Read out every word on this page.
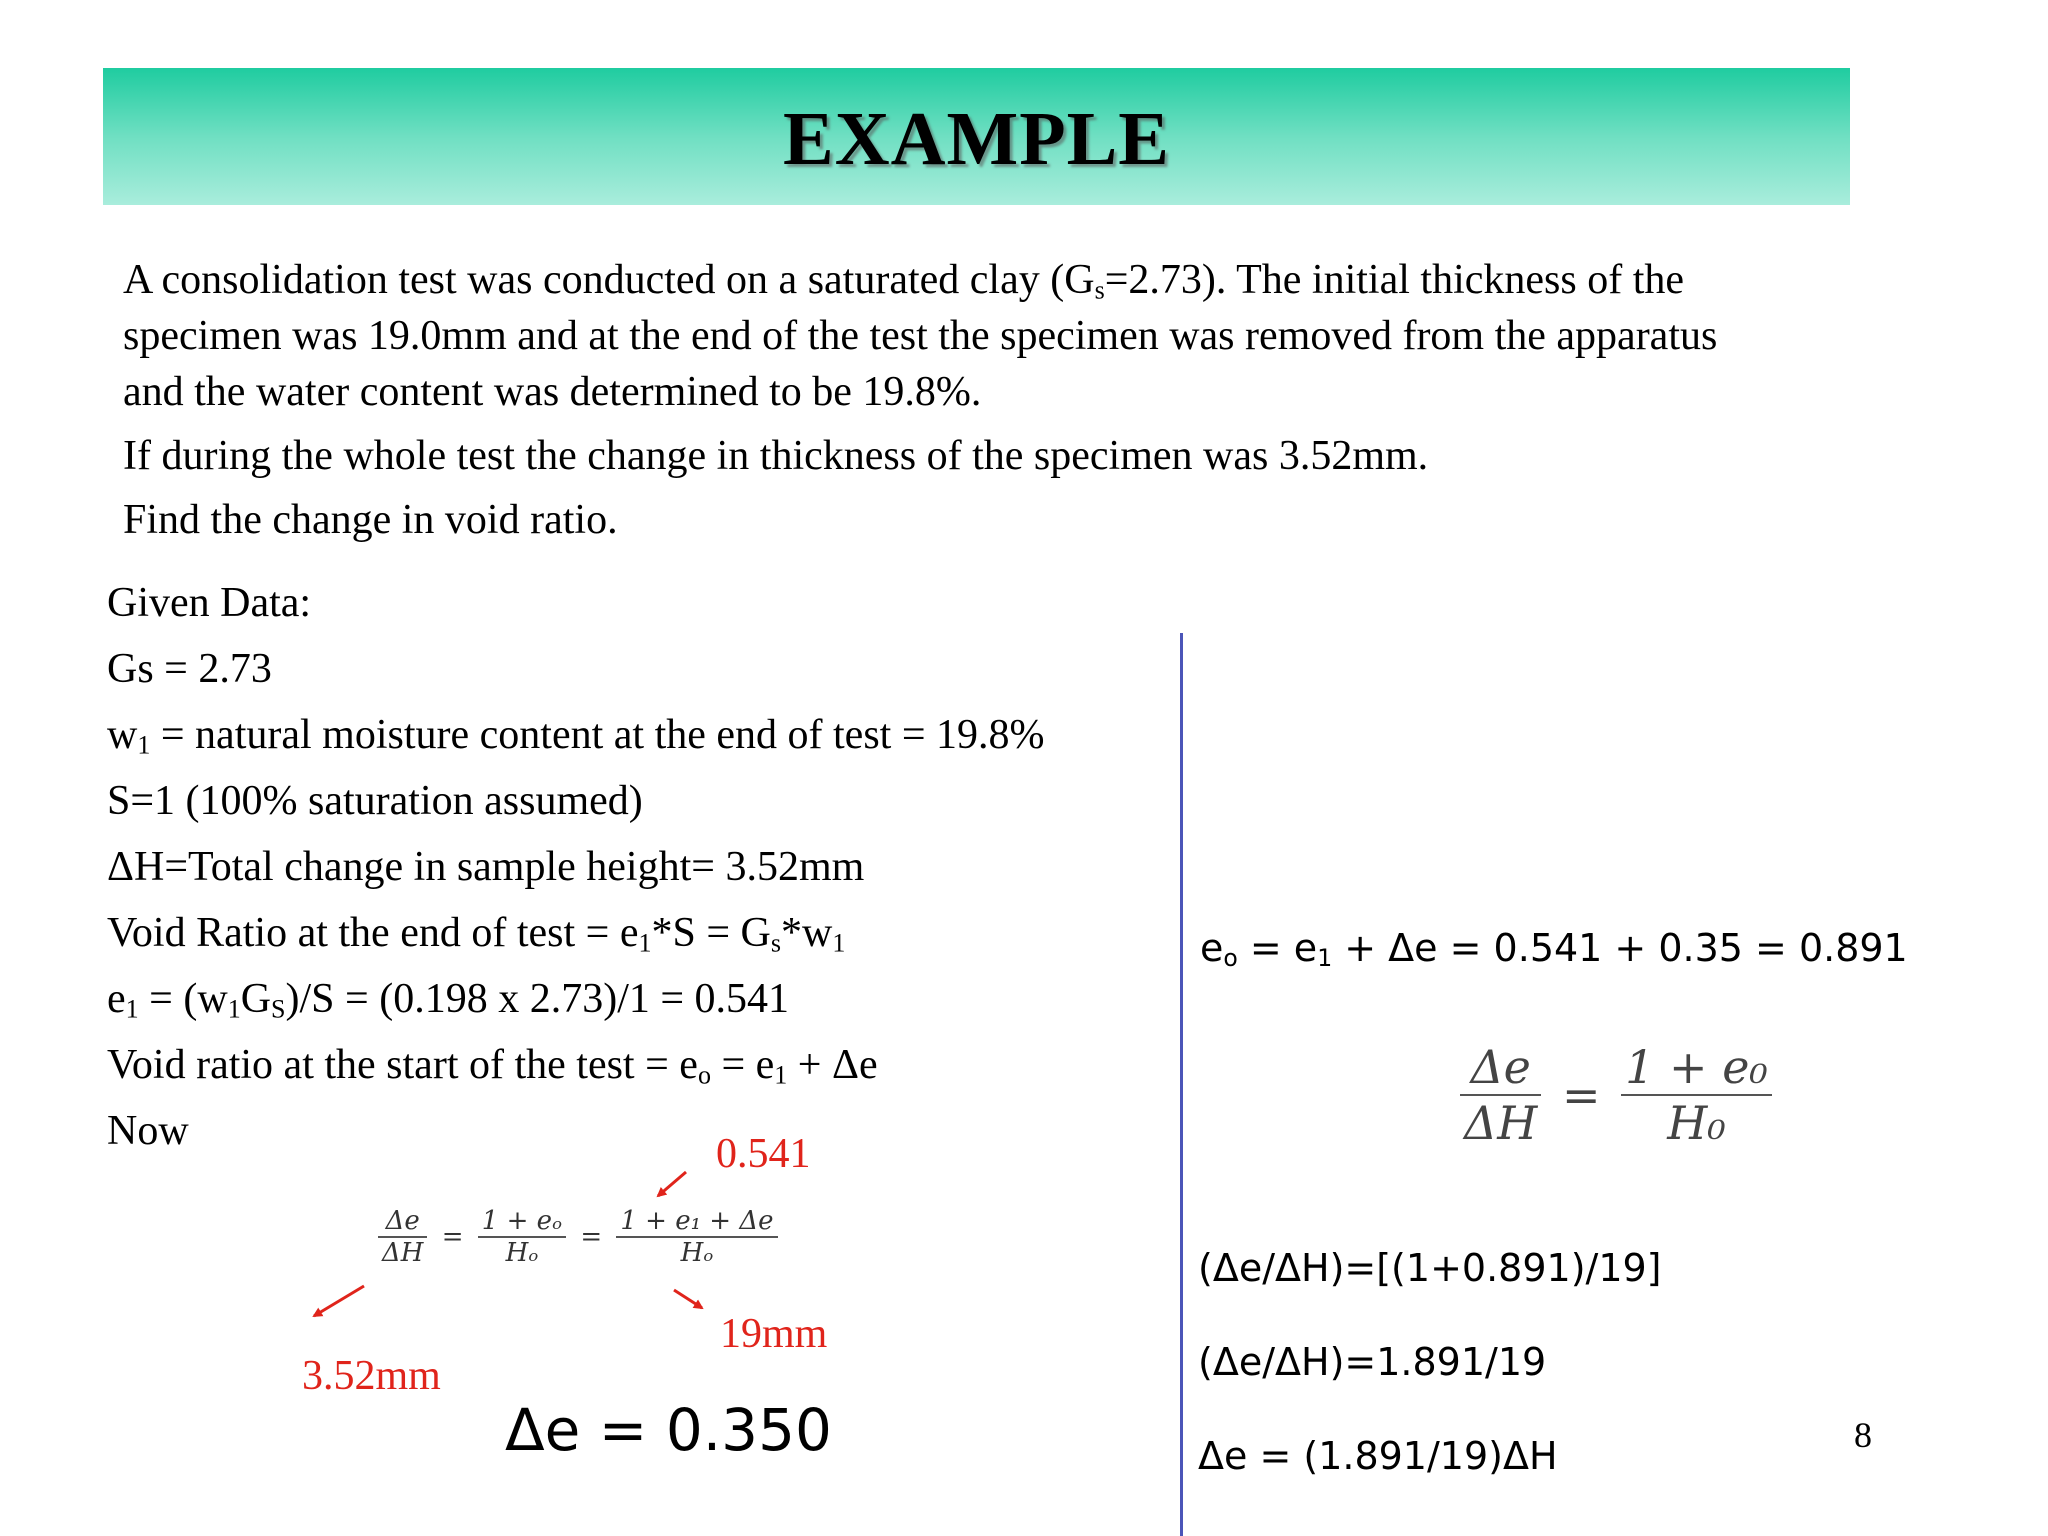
EXAMPLE

A consolidation test was conducted on a saturated clay $(G_s=2.73)$. The initial thickness of the

specimen was 19.0mm and at the end of the test the specimen was removed from the apparatus

and the water content was determined to be 19.8%.

If during the whole test the change in thickness of the specimen was 3.52mm.

Find the change in void ratio.

Given Data:
Gs = 2.73
$w_1$ = natural moisture content at the end of test = 19.8%
S=1 (100% saturation assumed)
ΔH=Total change in sample height= 3.52mm
Void Ratio at the end of test = $e_1*S = G_s*w_1$
$e_1 = (w_1G_S)/S = (0.198$ x 2.73)/1 = 0.541
Void ratio at the start of the test = $e_o = e_1 + \Delta e$
Now
$\frac{\Delta e}{\Delta H} = \frac{\text{1 + eₒ}}{\text{Hₒ}} = \frac{\text{1 + e₁ + Δe}}{\text{Hₒ}}$
0.541
19mm
3.52mm
Δe = 0.350
$e_o = e_1 + \Delta e = 0.541 + 0.35 = 0.891$
$\frac{\Delta e}{\Delta H} = \frac{\text{1 + e₀}}{\text{H₀}}$
(Δe/ΔH)=[(1+0.891)/19]
(Δe/ΔH)=1.891/19
Δe = (1.891/19)ΔH	8
